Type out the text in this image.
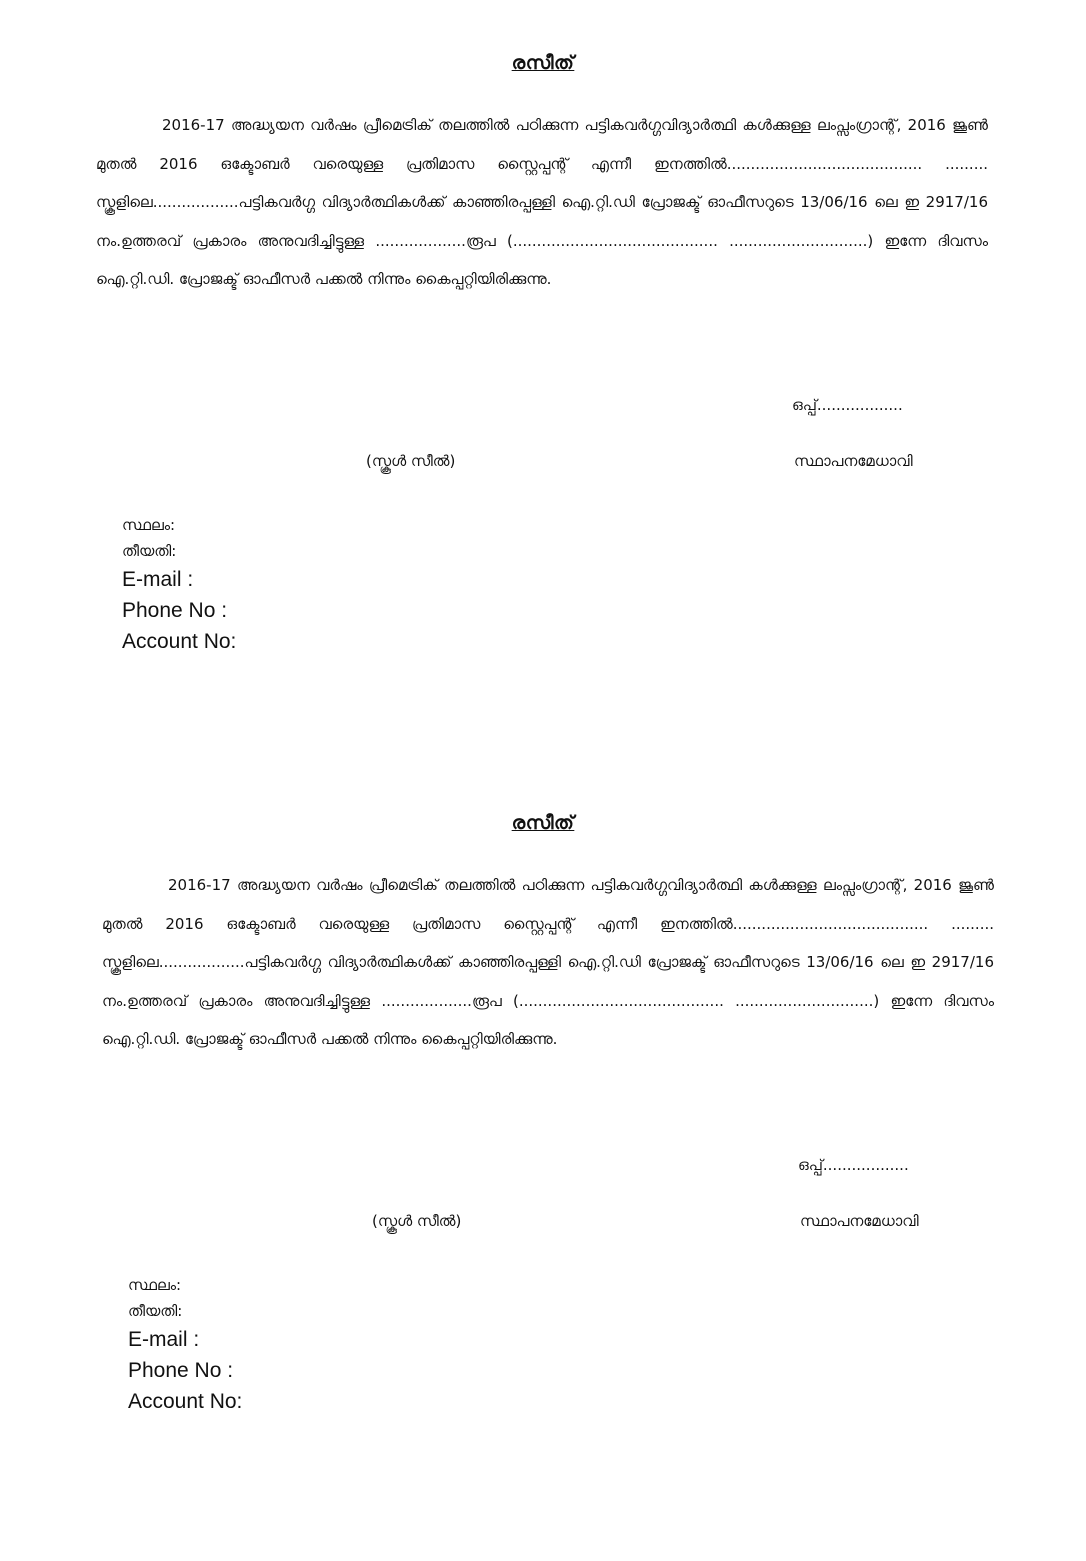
രസീത്

2016-17 അദ്ധ്യയന വർഷം പ്രീമെട്രിക് തലത്തിൽ പഠിക്കുന്ന പട്ടികവർഗ്ഗവിദ്യാർത്ഥി കൾക്കുള്ള ലംപ്സംഗ്രാന്റ്, 2016 ജൂൺ മുതൽ 2016 ഒക്ടോബർ വരെയുള്ള പ്രതിമാസ സ്റ്റൈപ്പന്റ് എന്നീ ഇനത്തിൽ......................................... ......... സ്കൂളിലെ..................പട്ടികവർഗ്ഗ വിദ്യാർത്ഥികൾക്ക് കാഞ്ഞിരപ്പള്ളി ഐ.റ്റി.ഡി പ്രോജക്ട് ഓഫീസറുടെ 13/06/16 ലെ ഇ 2917/16 നം.ഉത്തരവ് പ്രകാരം അനുവദിച്ചിട്ടുള്ള ...................രൂപ (........................................... .............................) ഇന്നേ ദിവസം ഐ.റ്റി.ഡി. പ്രോജക്ട് ഓഫീസർ പക്കൽ നിന്നും കൈപ്പറ്റിയിരിക്കുന്നു.

ഒപ്പ്..................
(സ്കൂൾ സീൽ)	സ്ഥാപനമേധാവി
സ്ഥലം:
തീയതി:
E-mail :
Phone No :
Account No:
രസീത്

2016-17 അദ്ധ്യയന വർഷം പ്രീമെട്രിക് തലത്തിൽ പഠിക്കുന്ന പട്ടികവർഗ്ഗവിദ്യാർത്ഥി കൾക്കുള്ള ലംപ്സംഗ്രാന്റ്, 2016 ജൂൺ മുതൽ 2016 ഒക്ടോബർ വരെയുള്ള പ്രതിമാസ സ്റ്റൈപ്പന്റ് എന്നീ ഇനത്തിൽ......................................... ......... സ്കൂളിലെ..................പട്ടികവർഗ്ഗ വിദ്യാർത്ഥികൾക്ക് കാഞ്ഞിരപ്പള്ളി ഐ.റ്റി.ഡി പ്രോജക്ട് ഓഫീസറുടെ 13/06/16 ലെ ഇ 2917/16 നം.ഉത്തരവ് പ്രകാരം അനുവദിച്ചിട്ടുള്ള ...................രൂപ (........................................... .............................) ഇന്നേ ദിവസം ഐ.റ്റി.ഡി. പ്രോജക്ട് ഓഫീസർ പക്കൽ നിന്നും കൈപ്പറ്റിയിരിക്കുന്നു.

ഒപ്പ്..................
(സ്കൂൾ സീൽ)	സ്ഥാപനമേധാവി
സ്ഥലം:
തീയതി:
E-mail :
Phone No :
Account No:
